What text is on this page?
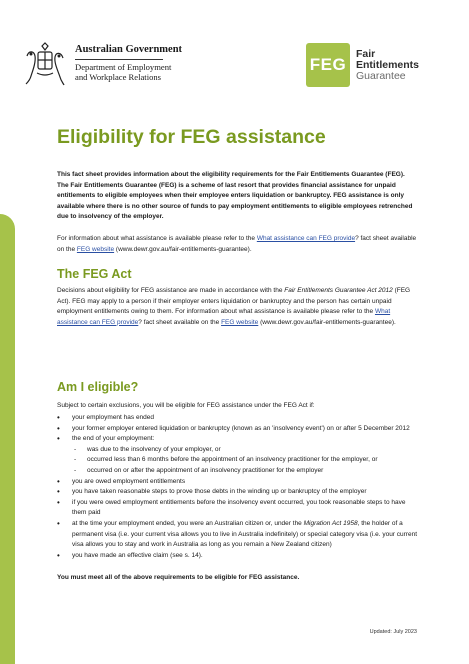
Australian Government
Department of Employment
and Workplace Relations
FEG
Fair
Entitlements
Guarantee
Eligibility for FEG assistance

This fact sheet provides information about the eligibility requirements for the Fair Entitlements Guarantee (FEG). The Fair Entitlements Guarantee (FEG) is a scheme of last resort that provides financial assistance for unpaid entitlements to eligible employees when their employee enters liquidation or bankruptcy. FEG assistance is only available where there is no other source of funds to pay employment entitlements to eligible employees retrenched due to insolvency of the employer.

For information about what assistance is available please refer to the What assistance can FEG provide? fact sheet available on the FEG website (www.dewr.gov.au/fair-entitlements-guarantee).

The FEG Act

Decisions about eligibility for FEG assistance are made in accordance with the Fair Entitlements Guarantee Act 2012 (FEG Act). FEG may apply to a person if their employer enters liquidation or bankruptcy and the person has certain unpaid employment entitlements owing to them. For information about what assistance is available please refer to the What assistance can FEG provide? fact sheet available on the FEG website (www.dewr.gov.au/fair-entitlements-guarantee).

Am I eligible?

Subject to certain exclusions, you will be eligible for FEG assistance under the FEG Act if:

• your employment has ended
• your former employer entered liquidation or bankruptcy (known as an 'insolvency event') on or after 5 December 2012
• the end of your employment:
- was due to the insolvency of your employer, or
- occurred less than 6 months before the appointment of an insolvency practitioner for the employer, or
- occurred on or after the appointment of an insolvency practitioner for the employer
• you are owed employment entitlements
• you have taken reasonable steps to prove those debts in the winding up or bankruptcy of the employer
• if you were owed employment entitlements before the insolvency event occurred, you took reasonable steps to have them paid
• at the time your employment ended, you were an Australian citizen or, under the Migration Act 1958, the holder of a permanent visa (i.e. your current visa allows you to live in Australia indefinitely) or special category visa (i.e. your current visa allows you to stay and work in Australia as long as you remain a New Zealand citizen)
• you have made an effective claim (see s. 14).

You must meet all of the above requirements to be eligible for FEG assistance.

Updated: July 2023
